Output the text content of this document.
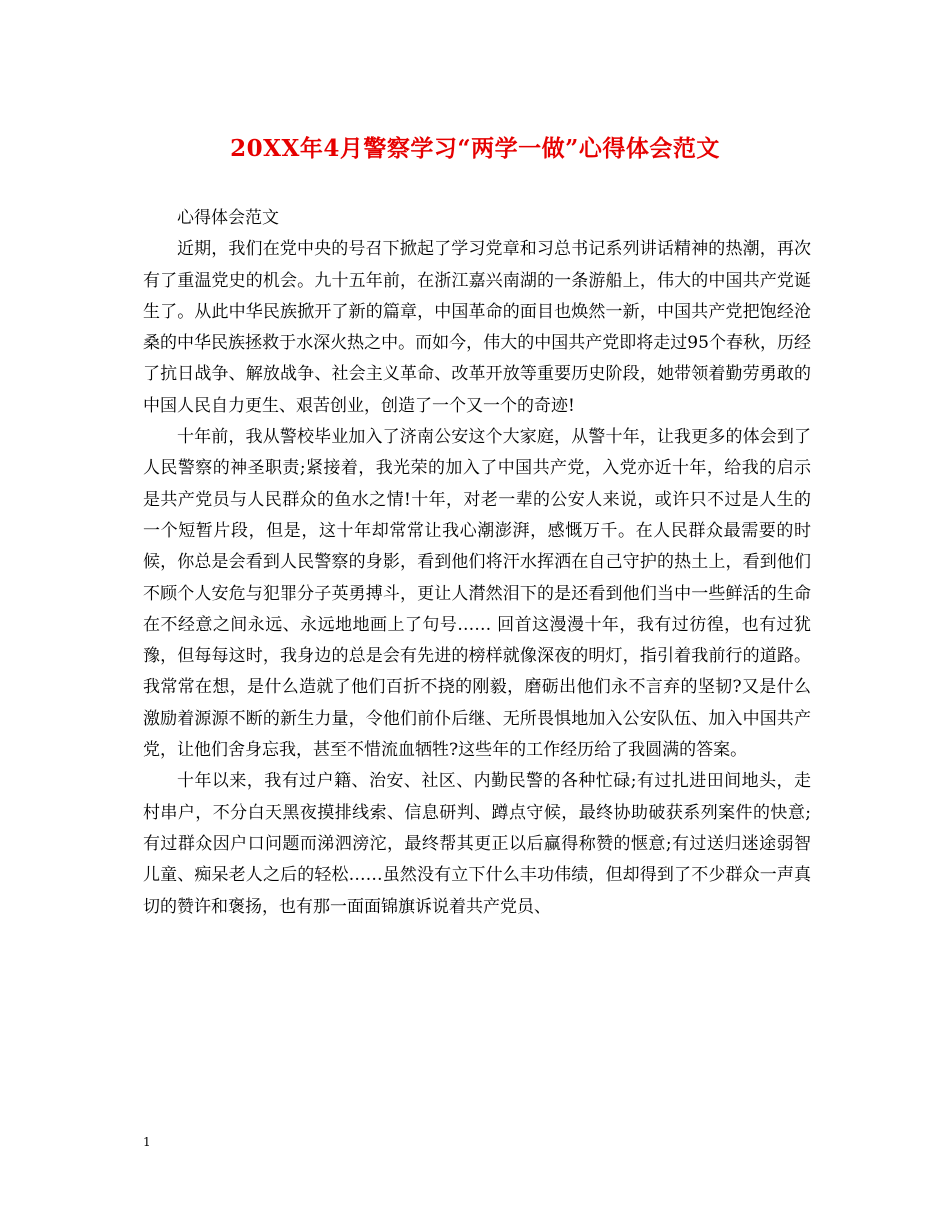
20XX年4月警察学习“两学一做”心得体会范文

心得体会范文

近期，我们在党中央的号召下掀起了学习党章和习总书记系列讲话精神的热潮，再次有了重温党史的机会。九十五年前，在浙江嘉兴南湖的一条游船上，伟大的中国共产党诞生了。从此中华民族掀开了新的篇章，中国革命的面目也焕然一新，中国共产党把饱经沧桑的中华民族拯救于水深火热之中。而如今，伟大的中国共产党即将走过95个春秋，历经了抗日战争、解放战争、社会主义革命、改革开放等重要历史阶段，她带领着勤劳勇敢的中国人民自力更生、艰苦创业，创造了一个又一个的奇迹!

十年前，我从警校毕业加入了济南公安这个大家庭，从警十年，让我更多的体会到了人民警察的神圣职责;紧接着，我光荣的加入了中国共产党，入党亦近十年，给我的启示是共产党员与人民群众的鱼水之情!十年，对老一辈的公安人来说，或许只不过是人生的一个短暂片段，但是，这十年却常常让我心潮澎湃，感慨万千。在人民群众最需要的时候，你总是会看到人民警察的身影，看到他们将汗水挥洒在自己守护的热土上，看到他们不顾个人安危与犯罪分子英勇搏斗，更让人潸然泪下的是还看到他们当中一些鲜活的生命在不经意之间永远、永远地地画上了句号…… 回首这漫漫十年，我有过彷徨，也有过犹豫，但每每这时，我身边的总是会有先进的榜样就像深夜的明灯，指引着我前行的道路。我常常在想，是什么造就了他们百折不挠的刚毅，磨砺出他们永不言弃的坚韧?又是什么激励着源源不断的新生力量，令他们前仆后继、无所畏惧地加入公安队伍、加入中国共产党，让他们舍身忘我，甚至不惜流血牺牲?这些年的工作经历给了我圆满的答案。

十年以来，我有过户籍、治安、社区、内勤民警的各种忙碌;有过扎进田间地头，走村串户，不分白天黑夜摸排线索、信息研判、蹲点守候，最终协助破获系列案件的快意;有过群众因户口问题而涕泗滂沱，最终帮其更正以后赢得称赞的惬意;有过送归迷途弱智儿童、痴呆老人之后的轻松……虽然没有立下什么丰功伟绩，但却得到了不少群众一声真切的赞许和褒扬，也有那一面面锦旗诉说着共产党员、

1
